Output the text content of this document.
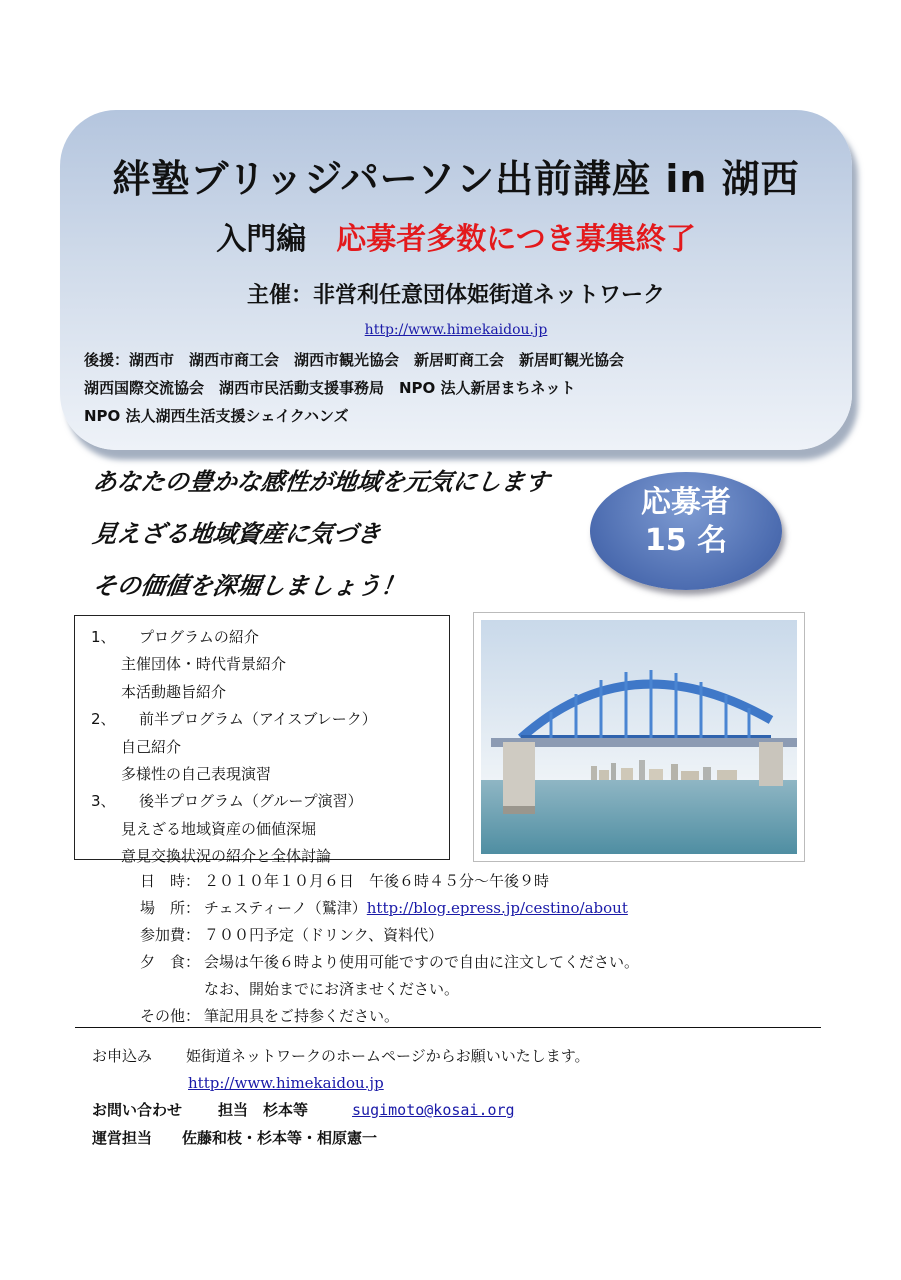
絆塾ブリッジパーソン出前講座 in 湖西

入門編 応募者多数につき募集終了

主催：非営利任意団体姫街道ネットワーク

http://www.himekaidou.jp

後援：湖西市　湖西市商工会　湖西市観光協会　新居町商工会　新居町観光協会
湖西国際交流協会　湖西市民活動支援事務局　NPO 法人新居まちネット
NPO 法人湖西生活支援シェイクハンズ

あなたの豊かな感性が地域を元気にします
見えざる地域資産に気づき
その価値を深堀しましょう！
応募者
15 名
1、 プログラムの紹介
主催団体・時代背景紹介
本活動趣旨紹介
2、 前半プログラム（アイスブレーク）
自己紹介
多様性の自己表現演習
3、 後半プログラム（グループ演習）
見えざる地域資産の価値深堀
意見交換状況の紹介と全体討論
日　時： ２０１０年１０月６日　午後６時４５分～午後９時
場　所： チェスティーノ（鷲津）http://blog.epress.jp/cestino/about
参加費： ７００円予定（ドリンク、資料代）
夕　食： 会場は午後６時より使用可能ですので自由に注文してください。
なお、開始までにお済ませください。
その他： 筆記用具をご持参ください。
お申込み 姫街道ネットワークのホームページからお願いいたします。
http://www.himekaidou.jp
お問い合わせ 担当　杉本等	sugimoto@kosai.org
運営担当 佐藤和枝・杉本等・相原憲一
